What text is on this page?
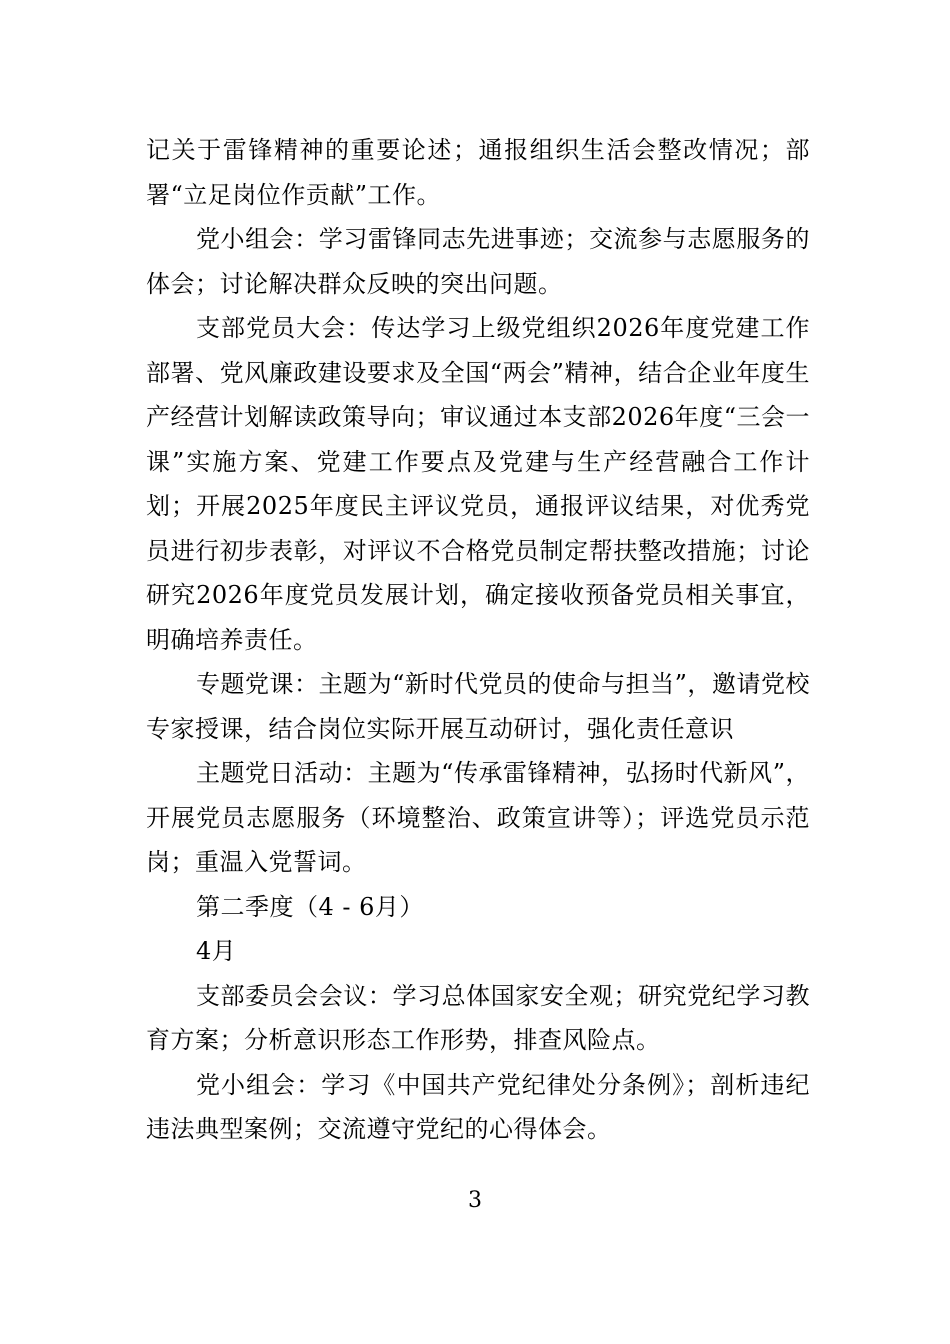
记关于雷锋精神的重要论述；通报组织生活会整改情况；部署“立足岗位作贡献”工作。

党小组会：学习雷锋同志先进事迹；交流参与志愿服务的体会；讨论解决群众反映的突出问题。

支部党员大会：传达学习上级党组织2026年度党建工作部署、党风廉政建设要求及全国“两会”精神，结合企业年度生产经营计划解读政策导向；审议通过本支部2026年度“三会一课”实施方案、党建工作要点及党建与生产经营融合工作计划；开展2025年度民主评议党员，通报评议结果，对优秀党员进行初步表彰，对评议不合格党员制定帮扶整改措施；讨论研究2026年度党员发展计划，确定接收预备党员相关事宜，明确培养责任。

专题党课：主题为“新时代党员的使命与担当”，邀请党校专家授课，结合岗位实际开展互动研讨，强化责任意识

主题党日活动：主题为“传承雷锋精神，弘扬时代新风”，开展党员志愿服务（环境整治、政策宣讲等）；评选党员示范岗；重温入党誓词。

第二季度（4 - 6月）

4月

支部委员会会议：学习总体国家安全观；研究党纪学习教育方案；分析意识形态工作形势，排查风险点。

党小组会：学习《中国共产党纪律处分条例》；剖析违纪违法典型案例；交流遵守党纪的心得体会。

3
